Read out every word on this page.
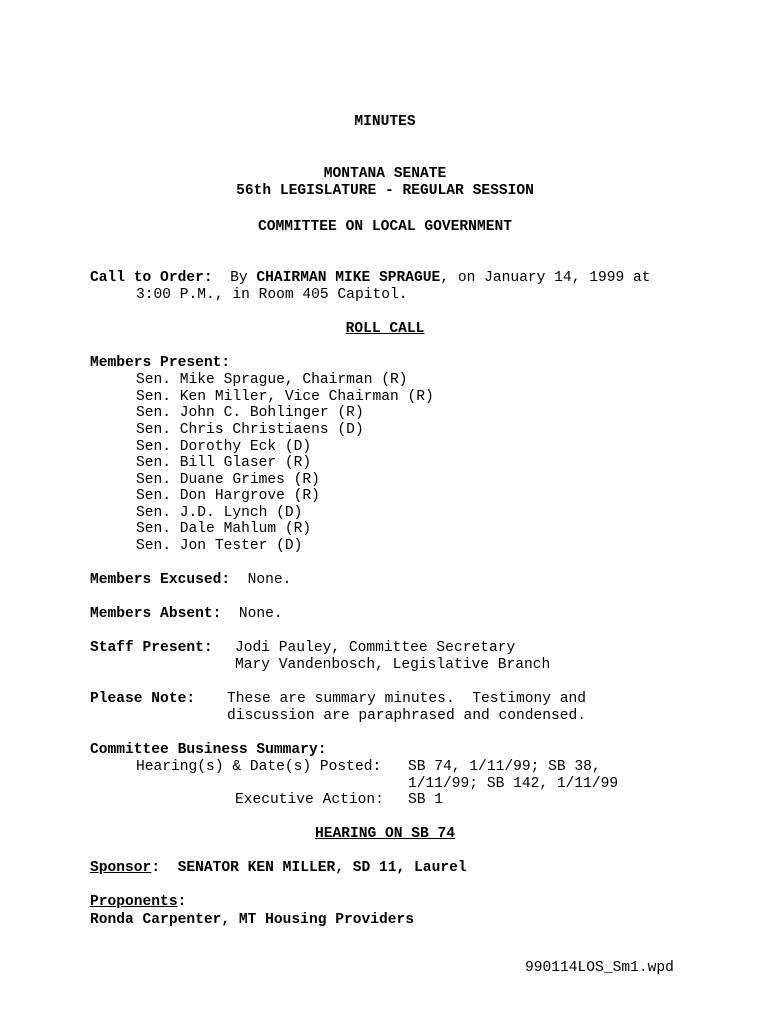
MINUTES
MONTANA SENATE
56th LEGISLATURE - REGULAR SESSION
COMMITTEE ON LOCAL GOVERNMENT
Call to Order: By CHAIRMAN MIKE SPRAGUE, on January 14, 1999 at
3:00 P.M., in Room 405 Capitol.
ROLL CALL
Members Present:
Sen. Mike Sprague, Chairman (R)
Sen. Ken Miller, Vice Chairman (R)
Sen. John C. Bohlinger (R)
Sen. Chris Christiaens (D)
Sen. Dorothy Eck (D)
Sen. Bill Glaser (R)
Sen. Duane Grimes (R)
Sen. Don Hargrove (R)
Sen. J.D. Lynch (D)
Sen. Dale Mahlum (R)
Sen. Jon Tester (D)
Members Excused: None.
Members Absent: None.
Staff Present: Jodi Pauley, Committee Secretary
Mary Vandenbosch, Legislative Branch
Please Note: These are summary minutes.  Testimony and
discussion are paraphrased and condensed.
Committee Business Summary:
Hearing(s) & Date(s) Posted: SB 74, 1/11/99; SB 38,
1/11/99; SB 142, 1/11/99
Executive Action: SB 1
HEARING ON SB 74
Sponsor: SENATOR KEN MILLER, SD 11, Laurel
Proponents:
Ronda Carpenter, MT Housing Providers
990114LOS_Sm1.wpd
